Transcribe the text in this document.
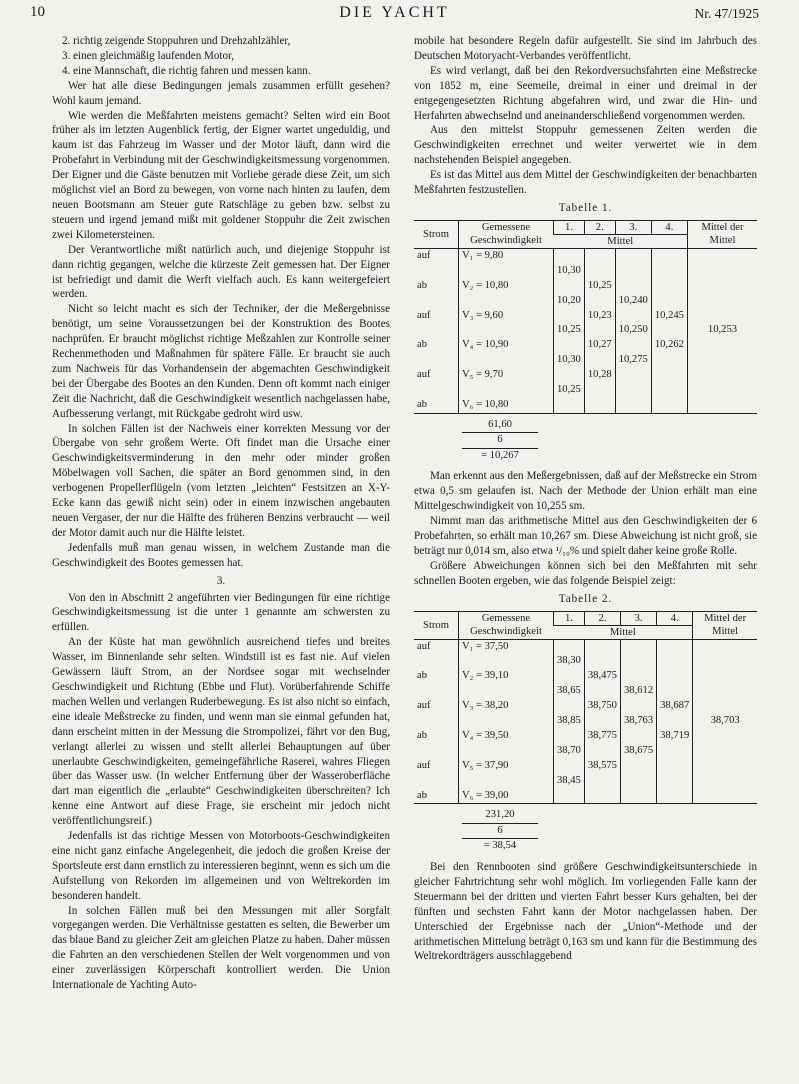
10	DIE YACHT	Nr. 47/1925

2. richtig zeigende Stoppuhren und Drehzahlzähler,

3. einen gleichmäßig laufenden Motor,

4. eine Mannschaft, die richtig fahren und messen kann.

Wer hat alle diese Bedingungen jemals zusammen erfüllt gesehen? Wohl kaum jemand.

Wie werden die Meßfahrten meistens gemacht? Selten wird ein Boot früher als im letzten Augenblick fertig, der Eigner wartet ungeduldig, und kaum ist das Fahrzeug im Wasser und der Motor läuft, dann wird die Probefahrt in Verbindung mit der Geschwindigkeitsmessung vorgenommen. Der Eigner und die Gäste benutzen mit Vorliebe gerade diese Zeit, um sich möglichst viel an Bord zu bewegen, von vorne nach hinten zu laufen, dem neuen Bootsmann am Steuer gute Ratschläge zu geben bzw. selbst zu steuern und irgend jemand mißt mit goldener Stoppuhr die Zeit zwischen zwei Kilometersteinen.

Der Verantwortliche mißt natürlich auch, und diejenige Stoppuhr ist dann richtig gegangen, welche die kürzeste Zeit gemessen hat. Der Eigner ist befriedigt und damit die Werft vielfach auch. Es kann weitergefeiert werden.

Nicht so leicht macht es sich der Techniker, der die Meßergebnisse benötigt, um seine Voraussetzungen bei der Konstruktion des Bootes nachprüfen. Er braucht möglichst richtige Meßzahlen zur Kontrolle seiner Rechenmethoden und Maßnahmen für spätere Fälle. Er braucht sie auch zum Nachweis für das Vorhandensein der abgemachten Geschwindigkeit bei der Übergabe des Bootes an den Kunden. Denn oft kommt nach einiger Zeit die Nachricht, daß die Geschwindigkeit wesentlich nachgelassen habe, Aufbesserung verlangt, mit Rückgabe gedroht wird usw.

In solchen Fällen ist der Nachweis einer korrekten Messung vor der Übergabe von sehr großem Werte. Oft findet man die Ursache einer Geschwindigkeitsverminderung in den mehr oder minder großen Möbelwagen voll Sachen, die später an Bord genommen sind, in den verbogenen Propellerflügeln (vom letzten „leichten“ Festsitzen an X-Y-Ecke kann das gewiß nicht sein) oder in einem inzwischen angebauten neuen Vergaser, der nur die Hälfte des früheren Benzins verbraucht — weil der Motor damit auch nur die Hälfte leistet.

Jedenfalls muß man genau wissen, in welchem Zustande man die Geschwindigkeit des Bootes gemessen hat.

3.

Von den in Abschnitt 2 angeführten vier Bedingungen für eine richtige Geschwindigkeitsmessung ist die unter 1 genannte am schwersten zu erfüllen.

An der Küste hat man gewöhnlich ausreichend tiefes und breites Wasser, im Binnenlande sehr selten. Windstill ist es fast nie. Auf vielen Gewässern läuft Strom, an der Nordsee sogar mit wechselnder Geschwindigkeit und Richtung (Ebbe und Flut). Vorüberfahrende Schiffe machen Wellen und verlangen Ruderbewegung. Es ist also nicht so einfach, eine ideale Meßstrecke zu finden, und wenn man sie einmal gefunden hat, dann erscheint mitten in der Messung die Strompolizei, fährt vor den Bug, verlangt allerlei zu wissen und stellt allerlei Behauptungen auf über unerlaubte Geschwindigkeiten, gemeingefährliche Raserei, wahres Fliegen über das Wasser usw. (In welcher Entfernung über der Wasseroberfläche dart man eigentlich die „erlaubte“ Geschwindigkeiten überschreiten? Ich kenne eine Antwort auf diese Frage, sie erscheint mir jedoch nicht veröffentlichungsreif.)

Jedenfalls ist das richtige Messen von Motorboots-Geschwindigkeiten eine nicht ganz einfache Angelegenheit, die jedoch die großen Kreise der Sportsleute erst dann ernstlich zu interessieren beginnt, wenn es sich um die Aufstellung von Rekorden im allgemeinen und von Weltrekorden im besonderen handelt.

In solchen Fällen muß bei den Messungen mit aller Sorgfalt vorgegangen werden. Die Verhältnisse gestatten es selten, die Bewerber um das blaue Band zu gleicher Zeit am gleichen Platze zu haben. Daher müssen die Fahrten an den verschiedenen Stellen der Welt vorgenommen und von einer zuverlässigen Körperschaft kontrolliert werden. Die Union Internationale de Yachting Auto-

mobile hat besondere Regeln dafür aufgestellt. Sie sind im Jahrbuch des Deutschen Motoryacht-Verbandes veröffentlicht.

Es wird verlangt, daß bei den Rekordversuchsfahrten eine Meßstrecke von 1852 m, eine Seemeile, dreimal in einer und dreimal in der entgegengesetzten Richtung abgefahren wird, und zwar die Hin- und Herfahrten abwechselnd und aneinanderschließend vorgenommen werden.

Aus den mittelst Stoppuhr gemessenen Zeiten werden die Geschwindigkeiten errechnet und weiter verwertet wie in dem nachstehenden Beispiel angegeben.

Es ist das Mittel aus dem Mittel der Geschwindigkeiten der benachbarten Meßfahrten festzustellen.

Tabelle 1.
Strom	Gemessene Geschwindigkeit	1.	2.	3.	4.	Mittel der Mittel
		Mittel				
auf	V₁ = 9,80					
		10,30				
ab	V₂ = 10,80		10,25			
		10,20		10,240		
auf	V₃ = 9,60		10,23		10,245	
		10,25		10,250		10,253
ab	V₄ = 10,90		10,27		10,262	
		10,30		10,275		
auf	V₅ = 9,70		10,28			
		10,25				
ab	V₆ = 10,80					
61,60
6
= 10,267

Man erkennt aus den Meßergebnissen, daß auf der Meßstrecke ein Strom etwa 0,5 sm gelaufen ist. Nach der Methode der Union erhält man eine Mittelgeschwindigkeit von 10,255 sm.

Nimmt man das arithmetische Mittel aus den Geschwindigkeiten der 6 Probefahrten, so erhält man 10,267 sm. Diese Abweichung ist nicht groß, sie beträgt nur 0,014 sm, also etwa ¹/₁₀% und spielt daher keine große Rolle.

Größere Abweichungen können sich bei den Meßfahrten mit sehr schnellen Booten ergeben, wie das folgende Beispiel zeigt:

Tabelle 2.
Strom	Gemessene Geschwindigkeit	1.	2.	3.	4.	Mittel der Mittel
		Mittel				
auf	V₁ = 37,50					
		38,30				
ab	V₂ = 39,10		38,475			
		38,65		38,612		
auf	V₃ = 38,20		38,750		38,687	
		38,85		38,763		38,703
ab	V₄ = 39,50		38,775		38,719	
		38,70		38,675		
auf	V₅ = 37,90		38,575			
		38,45				
ab	V₆ = 39,00					
231,20
6
= 38,54

Bei den Rennbooten sind größere Geschwindigkeitsunterschiede in gleicher Fahrtrichtung sehr wohl möglich. Im vorliegenden Falle kann der Steuermann bei der dritten und vierten Fahrt besser Kurs gehalten, bei der fünften und sechsten Fahrt kann der Motor nachgelassen haben. Der Unterschied der Ergebnisse nach der „Union“-Methode und der arithmetischen Mittelung beträgt 0,163 sm und kann für die Bestimmung des Weltrekordträgers ausschlaggebend
